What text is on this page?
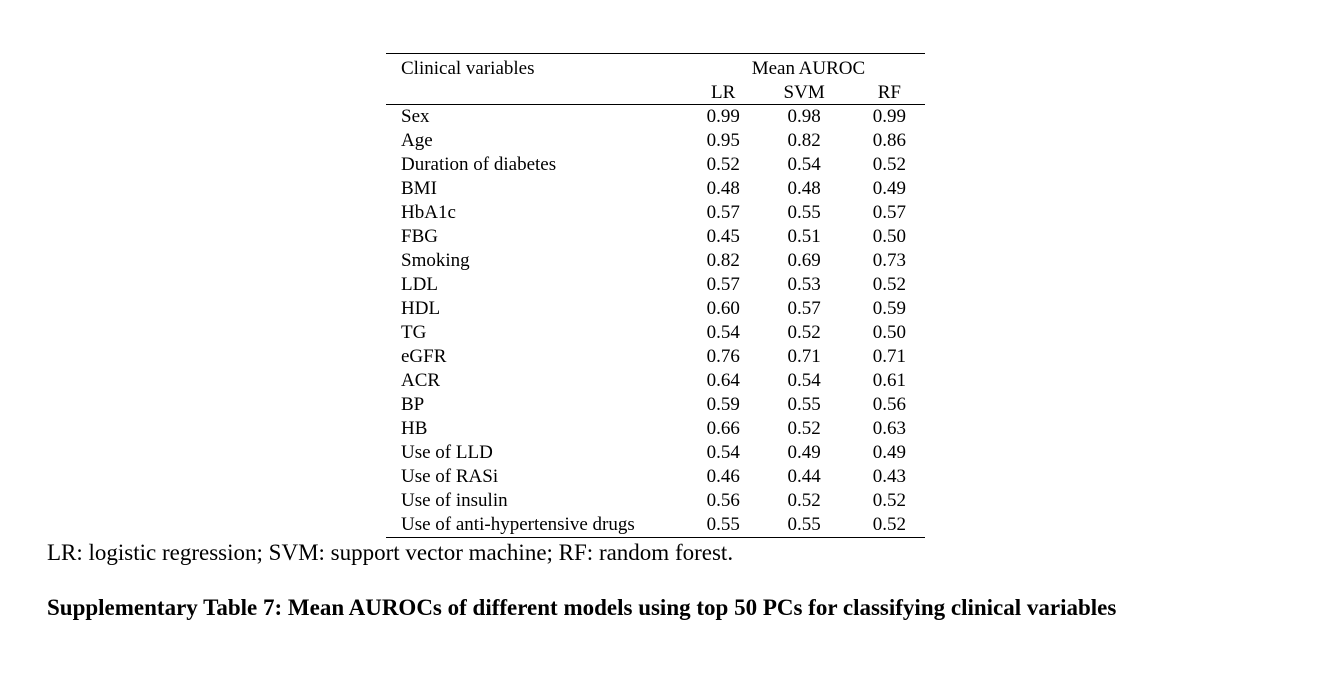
Clinical variables	Mean AUROC		
	LR	SVM	RF
Sex	0.99	0.98	0.99
Age	0.95	0.82	0.86
Duration of diabetes	0.52	0.54	0.52
BMI	0.48	0.48	0.49
HbA1c	0.57	0.55	0.57
FBG	0.45	0.51	0.50
Smoking	0.82	0.69	0.73
LDL	0.57	0.53	0.52
HDL	0.60	0.57	0.59
TG	0.54	0.52	0.50
eGFR	0.76	0.71	0.71
ACR	0.64	0.54	0.61
BP	0.59	0.55	0.56
HB	0.66	0.52	0.63
Use of LLD	0.54	0.49	0.49
Use of RASi	0.46	0.44	0.43
Use of insulin	0.56	0.52	0.52
Use of anti-hypertensive drugs	0.55	0.55	0.52
LR: logistic regression; SVM: support vector machine; RF: random forest.
Supplementary Table 7: Mean AUROCs of different models using top 50 PCs for classifying clinical variables
